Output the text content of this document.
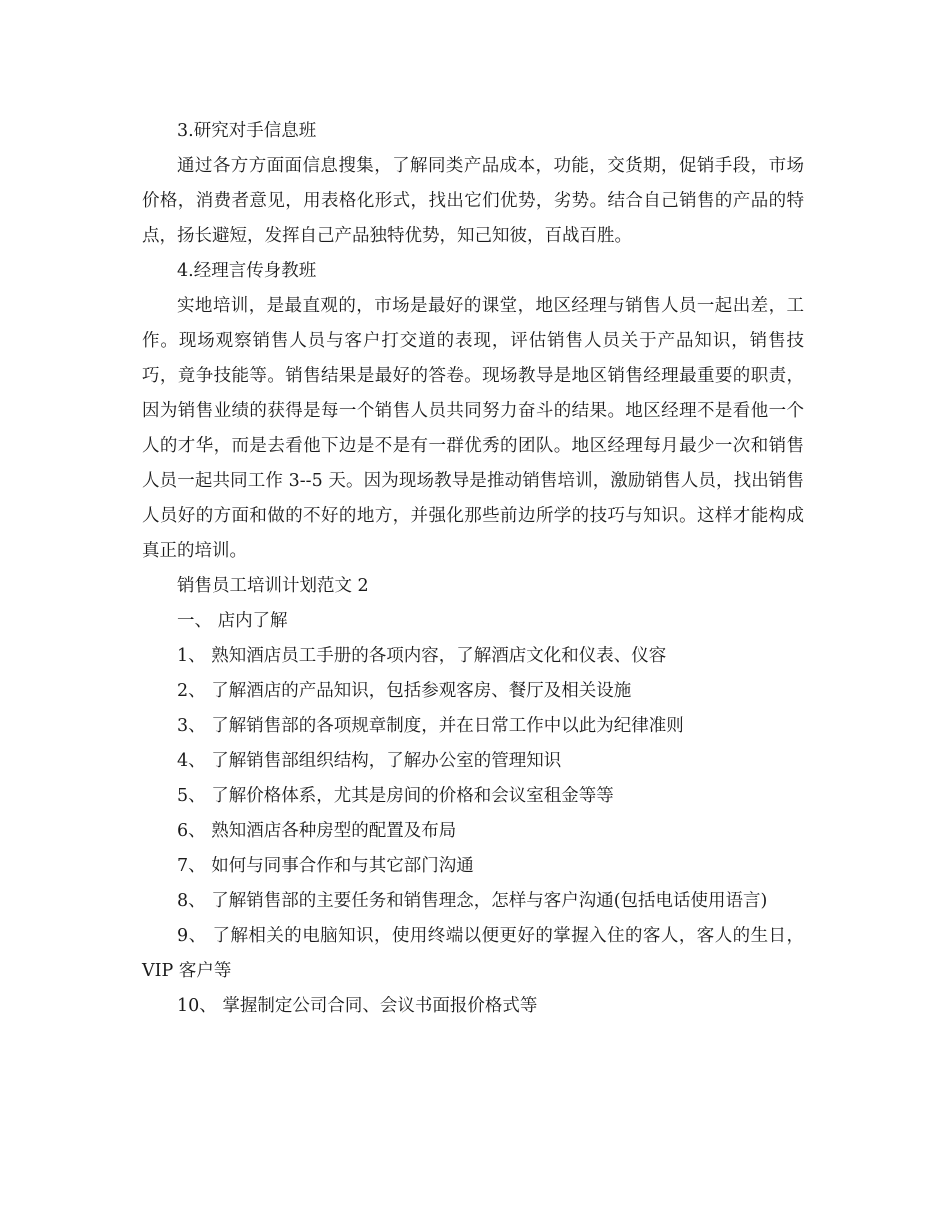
3.研究对手信息班

通过各方方面面信息搜集，了解同类产品成本，功能，交货期，促销手段，市场价格，消费者意见，用表格化形式，找出它们优势，劣势。结合自己销售的产品的特点，扬长避短，发挥自己产品独特优势，知己知彼，百战百胜。

4.经理言传身教班

实地培训，是最直观的，市场是最好的课堂，地区经理与销售人员一起出差，工作。现场观察销售人员与客户打交道的表现，评估销售人员关于产品知识，销售技巧，竟争技能等。销售结果是最好的答卷。现场教导是地区销售经理最重要的职责，因为销售业绩的获得是每一个销售人员共同努力奋斗的结果。地区经理不是看他一个人的才华，而是去看他下边是不是有一群优秀的团队。地区经理每月最少一次和销售人员一起共同工作 3--5 天。因为现场教导是推动销售培训，激励销售人员，找出销售人员好的方面和做的不好的地方，并强化那些前边所学的技巧与知识。这样才能构成真正的培训。

销售员工培训计划范文 2

一、 店内了解

1、 熟知酒店员工手册的各项内容，了解酒店文化和仪表、仪容

2、 了解酒店的产品知识，包括参观客房、餐厅及相关设施

3、 了解销售部的各项规章制度，并在日常工作中以此为纪律准则

4、 了解销售部组织结构，了解办公室的管理知识

5、 了解价格体系，尤其是房间的价格和会议室租金等等

6、 熟知酒店各种房型的配置及布局

7、 如何与同事合作和与其它部门沟通

8、 了解销售部的主要任务和销售理念，怎样与客户沟通(包括电话使用语言)

9、 了解相关的电脑知识，使用终端以便更好的掌握入住的客人，客人的生日，VIP 客户等

10、 掌握制定公司合同、会议书面报价格式等
